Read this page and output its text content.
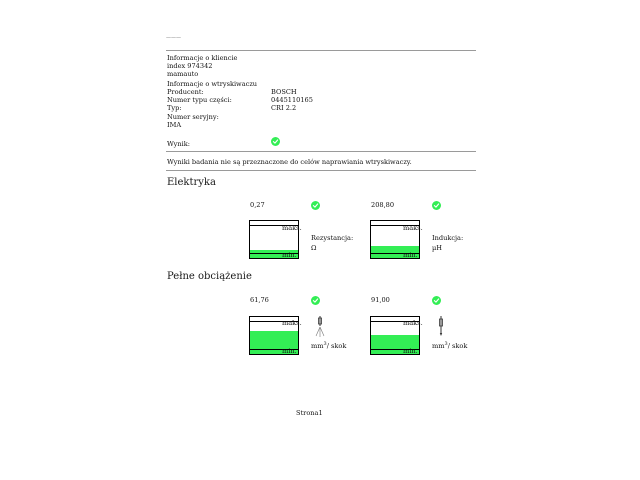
———
Informacje o kliencie
index 974342
mamauto
Informacje o wtryskiwaczu
Producent:	BOSCH
Numer typu części:	0445110165
Typ:	CRI 2.2
Numer seryjny:
IMA
Wynik:
Wyniki badania nie są przeznaczone do celów naprawiania wtryskiwaczy.
Elektryka
0,27
maks.
min.
Rezystancja:
Ω
208,80
maks.
min.
Indukcja:
µH
Pełne obciążenie
61,76
maks.
min.
$mm^3/$ skok
91,00
maks.
min.
$mm^3/$ skok
Strona1
